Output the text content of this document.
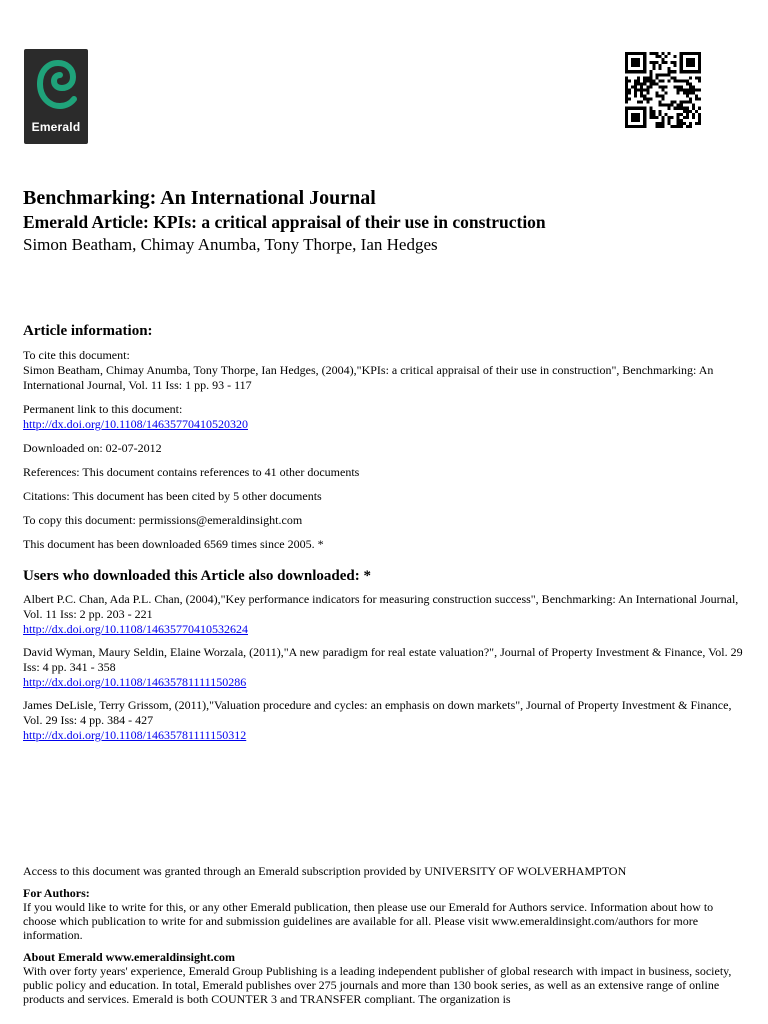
Emerald
Benchmarking: An International Journal
Emerald Article: KPIs: a critical appraisal of their use in construction
Simon Beatham, Chimay Anumba, Tony Thorpe, Ian Hedges
Article information:

To cite this document:
Simon Beatham, Chimay Anumba, Tony Thorpe, Ian Hedges, (2004),"KPIs: a critical appraisal of their use in construction", Benchmarking: An International Journal, Vol. 11 Iss: 1 pp. 93 - 117

Permanent link to this document:
http://dx.doi.org/10.1108/14635770410520320

Downloaded on: 02-07-2012

References: This document contains references to 41 other documents

Citations: This document has been cited by 5 other documents

To copy this document: permissions@emeraldinsight.com

This document has been downloaded 6569 times since 2005. *

Users who downloaded this Article also downloaded: *
Albert P.C. Chan, Ada P.L. Chan, (2004),"Key performance indicators for measuring construction success", Benchmarking: An International Journal, Vol. 11 Iss: 2 pp. 203 - 221
http://dx.doi.org/10.1108/14635770410532624
David Wyman, Maury Seldin, Elaine Worzala, (2011),"A new paradigm for real estate valuation?", Journal of Property Investment & Finance, Vol. 29 Iss: 4 pp. 341 - 358
http://dx.doi.org/10.1108/14635781111150286
James DeLisle, Terry Grissom, (2011),"Valuation procedure and cycles: an emphasis on down markets", Journal of Property Investment & Finance, Vol. 29 Iss: 4 pp. 384 - 427
http://dx.doi.org/10.1108/14635781111150312

Access to this document was granted through an Emerald subscription provided by UNIVERSITY OF WOLVERHAMPTON

For Authors:
If you would like to write for this, or any other Emerald publication, then please use our Emerald for Authors service. Information about how to choose which publication to write for and submission guidelines are available for all. Please visit www.emeraldinsight.com/authors for more information.

About Emerald www.emeraldinsight.com
With over forty years' experience, Emerald Group Publishing is a leading independent publisher of global research with impact in business, society, public policy and education. In total, Emerald publishes over 275 journals and more than 130 book series, as well as an extensive range of online products and services. Emerald is both COUNTER 3 and TRANSFER compliant. The organization is
